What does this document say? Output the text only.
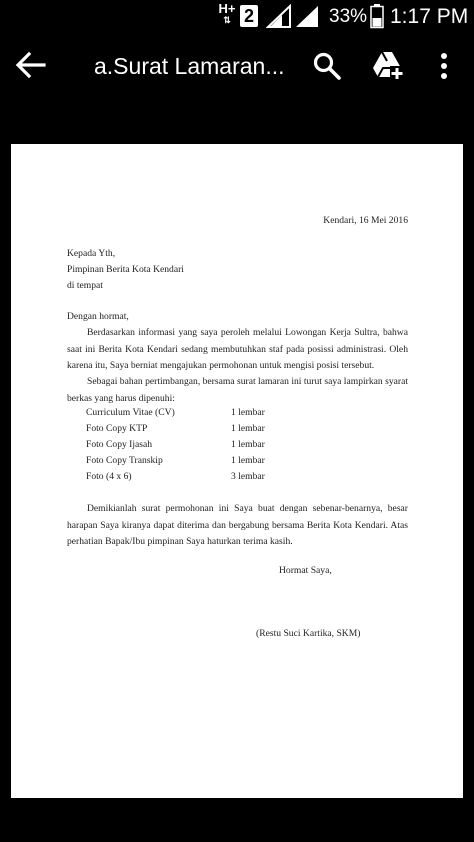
H+
⇅ 2	33% 1:17 PM
a.Surat Lamaran...
Kendari, 16 Mei 2016
Kepada Yth,
Pimpinan Berita Kota Kendari
di tempat
Dengan hormat,
Berdasarkan informasi yang saya peroleh melalui Lowongan Kerja Sultra, bahwa saat ini Berita Kota Kendari sedang membutuhkan staf pada posissi administrasi. Oleh karena itu, Saya berniat mengajukan permohonan untuk mengisi posisi tersebut.
Sebagai bahan pertimbangan, bersama surat lamaran ini turut saya lampirkan syarat berkas yang harus dipenuhi:
Curriculum Vitae (CV)	1 lembar
Foto Copy KTP	1 lembar
Foto Copy Ijasah	1 lembar
Foto Copy Transkip	1 lembar
Foto (4 x 6)	3 lembar
Demikianlah surat permohonan ini Saya buat dengan sebenar-benarnya, besar harapan Saya kiranya dapat diterima dan bergabung bersama Berita Kota Kendari. Atas perhatian Bapak/Ibu pimpinan Saya haturkan terima kasih.
Hormat Saya,
(Restu Suci Kartika, SKM)
